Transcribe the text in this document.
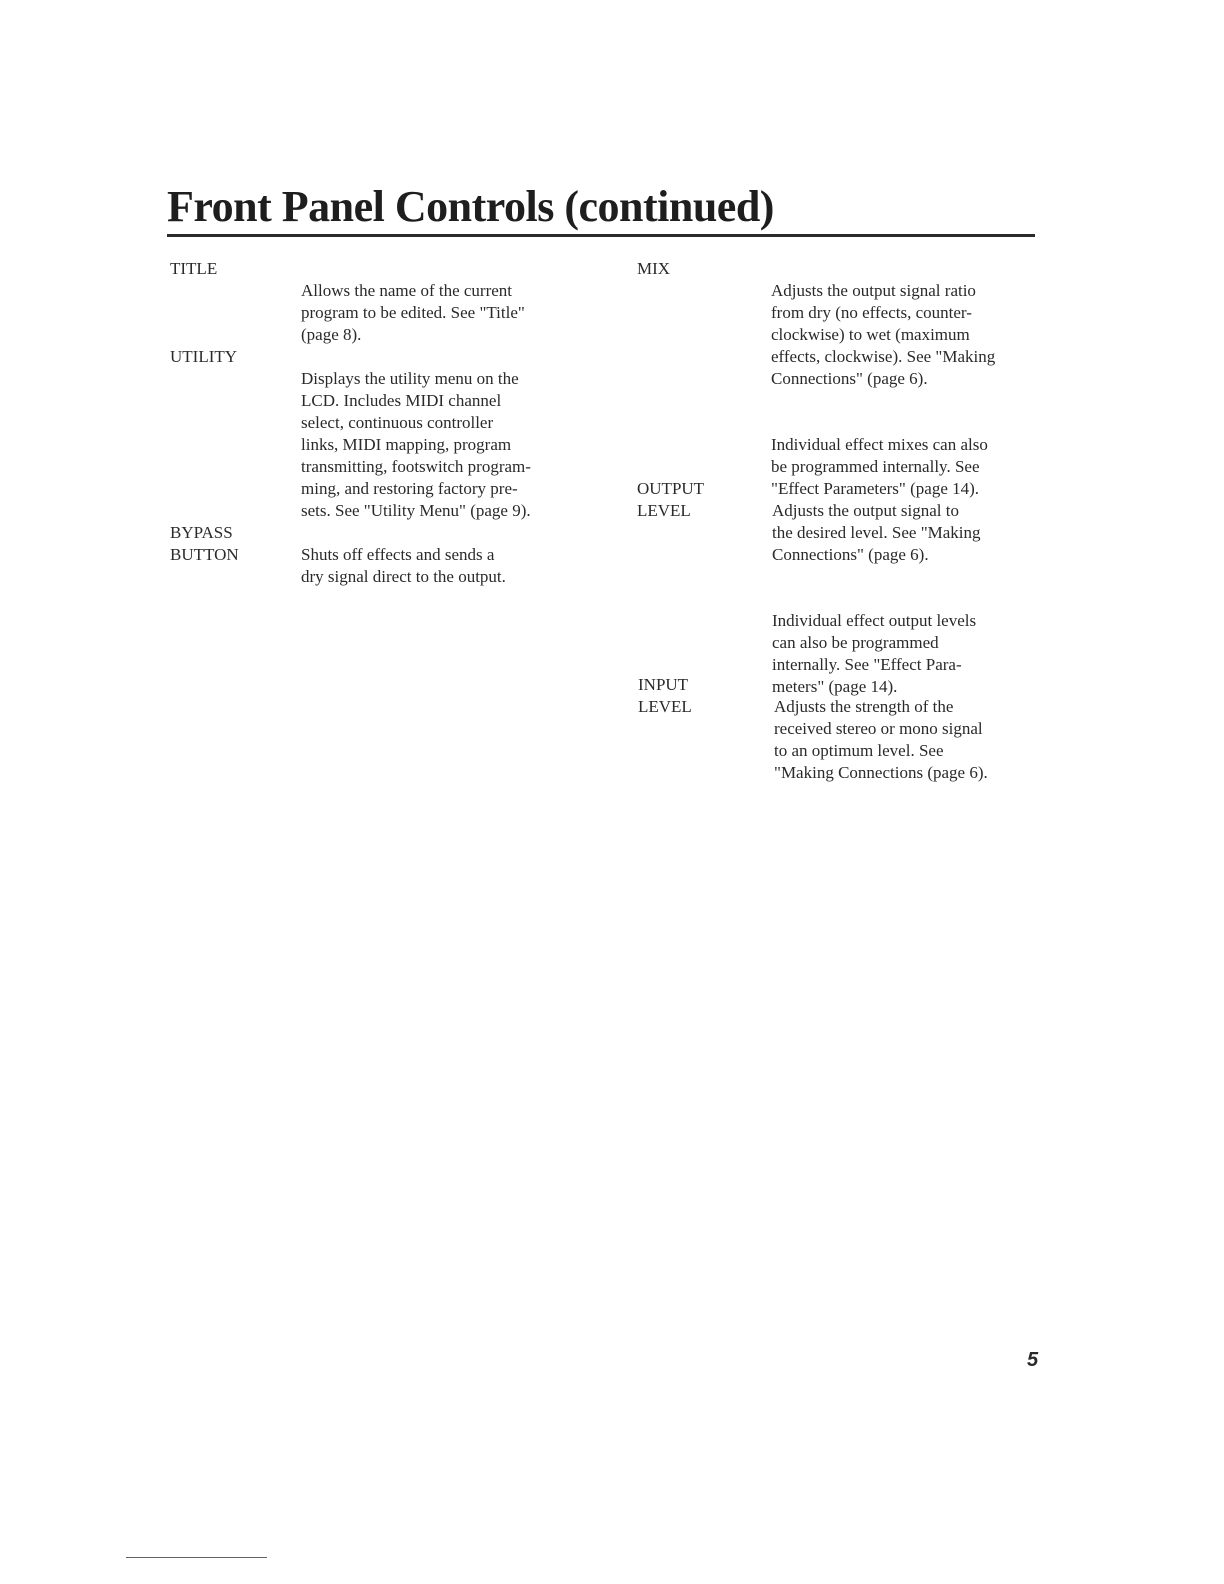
Front Panel Controls (continued)
TITLE

Allows the name of the current
program to be edited. See "Title"
(page 8).

UTILITY

Displays the utility menu on the
LCD. Includes MIDI channel
select, continuous controller
links, MIDI mapping, program
transmitting, footswitch program-
ming, and restoring factory pre-
sets. See "Utility Menu" (page 9).

BYPASS
BUTTON	Shuts off effects and sends a
dry signal direct to the output.

MIX

Adjusts the output signal ratio
from dry (no effects, counter-
clockwise) to wet (maximum
effects, clockwise). See "Making
Connections" (page 6).

Individual effect mixes can also
be programmed internally. See
"Effect Parameters" (page 14).

OUTPUT
LEVEL	Adjusts the output signal to
the desired level. See "Making
Connections" (page 6).

Individual effect output levels
can also be programmed
internally. See "Effect Para-
meters" (page 14).

INPUT
LEVEL	Adjusts the strength of the
received stereo or mono signal
to an optimum level. See
"Making Connections (page 6).

5
